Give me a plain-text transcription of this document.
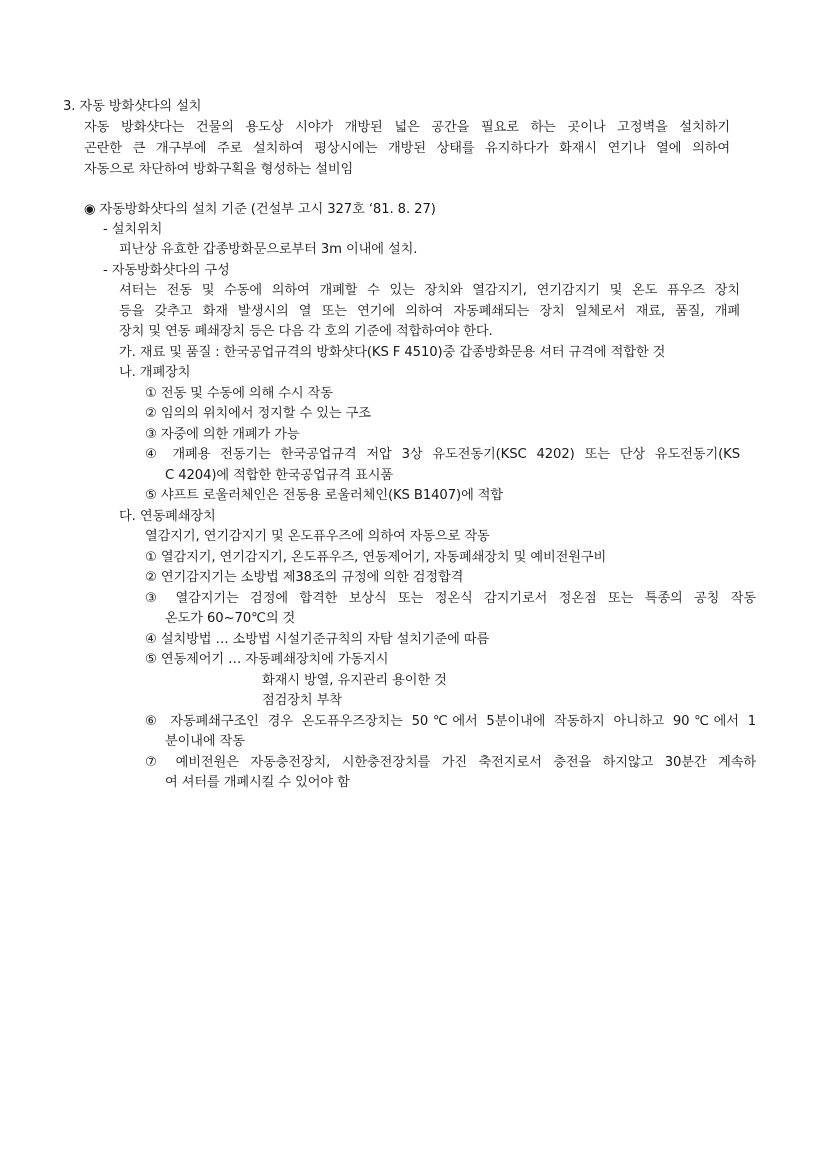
3. 자동 방화샷다의 설치
자동 방화샷다는 건물의 용도상 시야가 개방된 넓은 공간을 필요로 하는 곳이나 고정벽을 설치하기
곤란한 큰 개구부에 주로 설치하여 평상시에는 개방된 상태를 유지하다가 화재시 연기나 열에 의하여
자동으로 차단하여 방화구획을 형성하는 설비임
◉ 자동방화샷다의 설치 기준 (건설부 고시 327호 ‘81. 8. 27)
- 설치위치
피난상 유효한 갑종방화문으로부터 3m 이내에 설치.
- 자동방화샷다의 구성
셔터는 전동 및 수동에 의하여 개폐할 수 있는 장치와 열감지기, 연기감지기 및 온도 퓨우즈 장치
등을 갖추고 화재 발생시의 열 또는 연기에 의하여 자동폐쇄되는 장치 일체로서 재료, 품질, 개폐
장치 및 연동 폐쇄장치 등은 다음 각 호의 기준에 적합하여야 한다.
가. 재료 및 품질 : 한국공업규격의 방화샷다(KS F 4510)중 갑종방화문용 셔터 규격에 적합한 것
나. 개폐장치
① 전동 및 수동에 의해 수시 작동
② 임의의 위치에서 정지할 수 있는 구조
③ 자중에 의한 개폐가 가능
④ 개폐용 전동기는 한국공업규격 저압 3상 유도전동기(KSC 4202) 또는 단상 유도전동기(KS
C 4204)에 적합한 한국공업규격 표시품
⑤ 샤프트 로울러체인은 전동용 로울러체인(KS B1407)에 적합
다. 연동폐쇄장치
열감지기, 연기감지기 및 온도퓨우즈에 의하여 자동으로 작동
① 열감지기, 연기감지기, 온도퓨우즈, 연동제어기, 자동폐쇄장치 및 예비전원구비
② 연기감지기는 소방법 제38조의 규정에 의한 검정합격
③ 열감지기는 검정에 합격한 보상식 또는 정온식 감지기로서 정온점 또는 특종의 공칭 작동
온도가 60~70℃의 것
④ 설치방법 … 소방법 시설기준규칙의 자탐 설치기준에 따름
⑤ 연동제어기 … 자동폐쇄장치에 가동지시
화재시 방열, 유지관리 용이한 것
점검장치 부착
⑥ 자동폐쇄구조인 경우 온도퓨우즈장치는 50℃에서 5분이내에 작동하지 아니하고 90℃에서 1
분이내에 작동
⑦ 예비전원은 자동충전장치, 시한충전장치를 가진 축전지로서 충전을 하지않고 30분간 계속하
여 셔터를 개폐시킬 수 있어야 함
